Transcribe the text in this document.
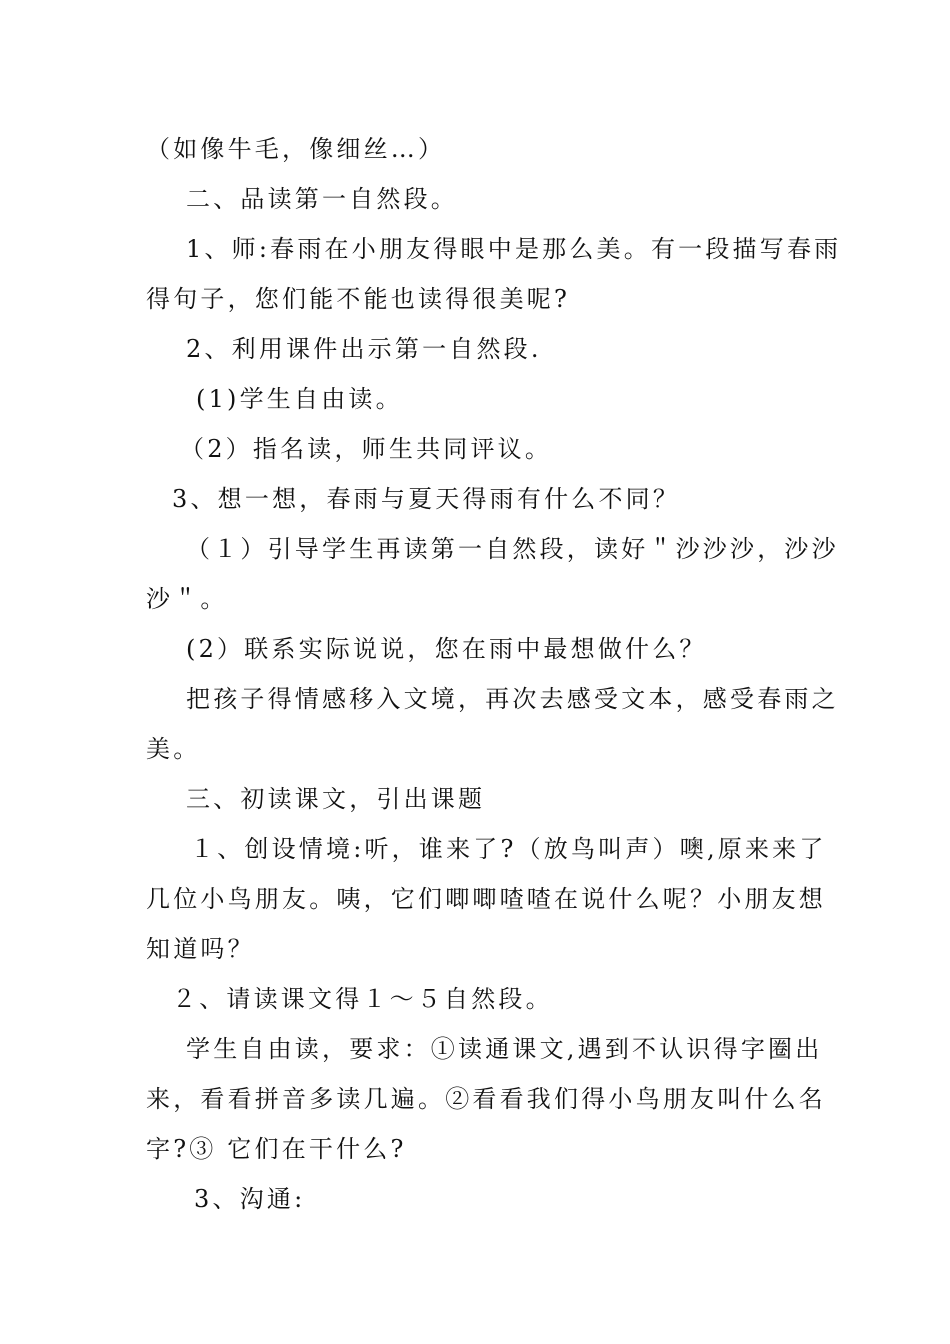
（如像牛毛，像细丝…）
二、品读第一自然段。
1、师:春雨在小朋友得眼中是那么美。有一段描写春雨
得句子，您们能不能也读得很美呢?
2、利用课件出示第一自然段.
(1)学生自由读。
（2）指名读，师生共同评议。
3、想一想，春雨与夏天得雨有什么不同？
（１）引导学生再读第一自然段，读好＂沙沙沙，沙沙
沙＂。
(2）联系实际说说，您在雨中最想做什么？
把孩子得情感移入文境，再次去感受文本，感受春雨之
美。
三、初读课文，引出课题
１、创设情境:听，谁来了?（放鸟叫声）噢,原来来了
几位小鸟朋友。咦，它们唧唧喳喳在说什么呢？小朋友想
知道吗？
２、请读课文得１～５自然段。
学生自由读，要求：①读通课文,遇到不认识得字圈出
来，看看拼音多读几遍。②看看我们得小鸟朋友叫什么名
字?③ 它们在干什么?
3、沟通:
